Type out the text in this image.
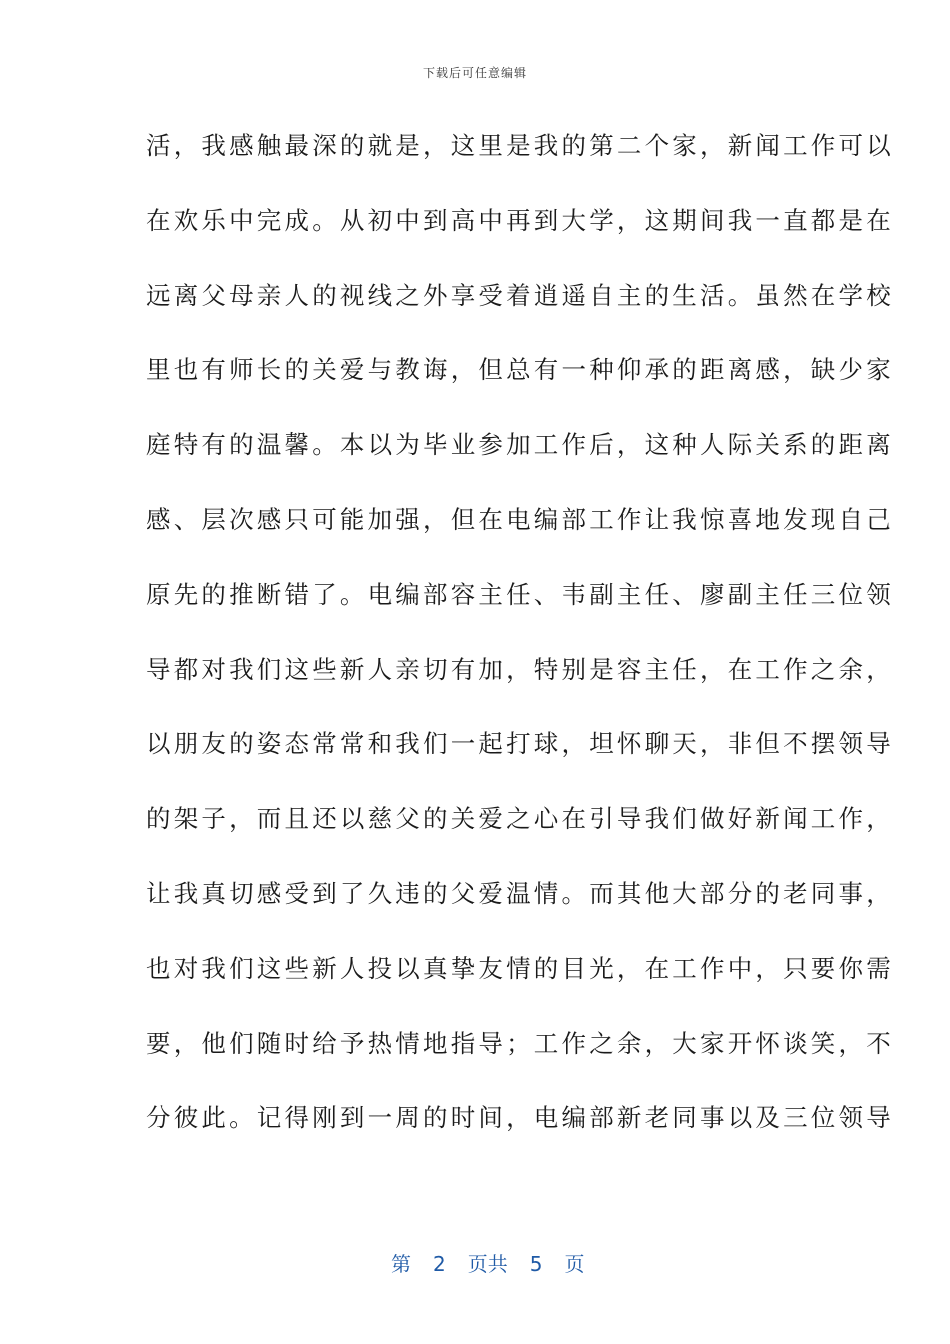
下载后可任意编辑
活，我感触最深的就是，这里是我的第二个家，新闻工作可以
在欢乐中完成。从初中到高中再到大学，这期间我一直都是在
远离父母亲人的视线之外享受着逍遥自主的生活。虽然在学校
里也有师长的关爱与教诲，但总有一种仰承的距离感，缺少家
庭特有的温馨。本以为毕业参加工作后，这种人际关系的距离
感、层次感只可能加强，但在电编部工作让我惊喜地发现自己
原先的推断错了。电编部容主任、韦副主任、廖副主任三位领
导都对我们这些新人亲切有加，特别是容主任，在工作之余，
以朋友的姿态常常和我们一起打球，坦怀聊天，非但不摆领导
的架子，而且还以慈父的关爱之心在引导我们做好新闻工作，
让我真切感受到了久违的父爱温情。而其他大部分的老同事，
也对我们这些新人投以真挚友情的目光，在工作中，只要你需
要，他们随时给予热情地指导；工作之余，大家开怀谈笑，不
分彼此。记得刚到一周的时间，电编部新老同事以及三位领导

第 2 页共 5 页
